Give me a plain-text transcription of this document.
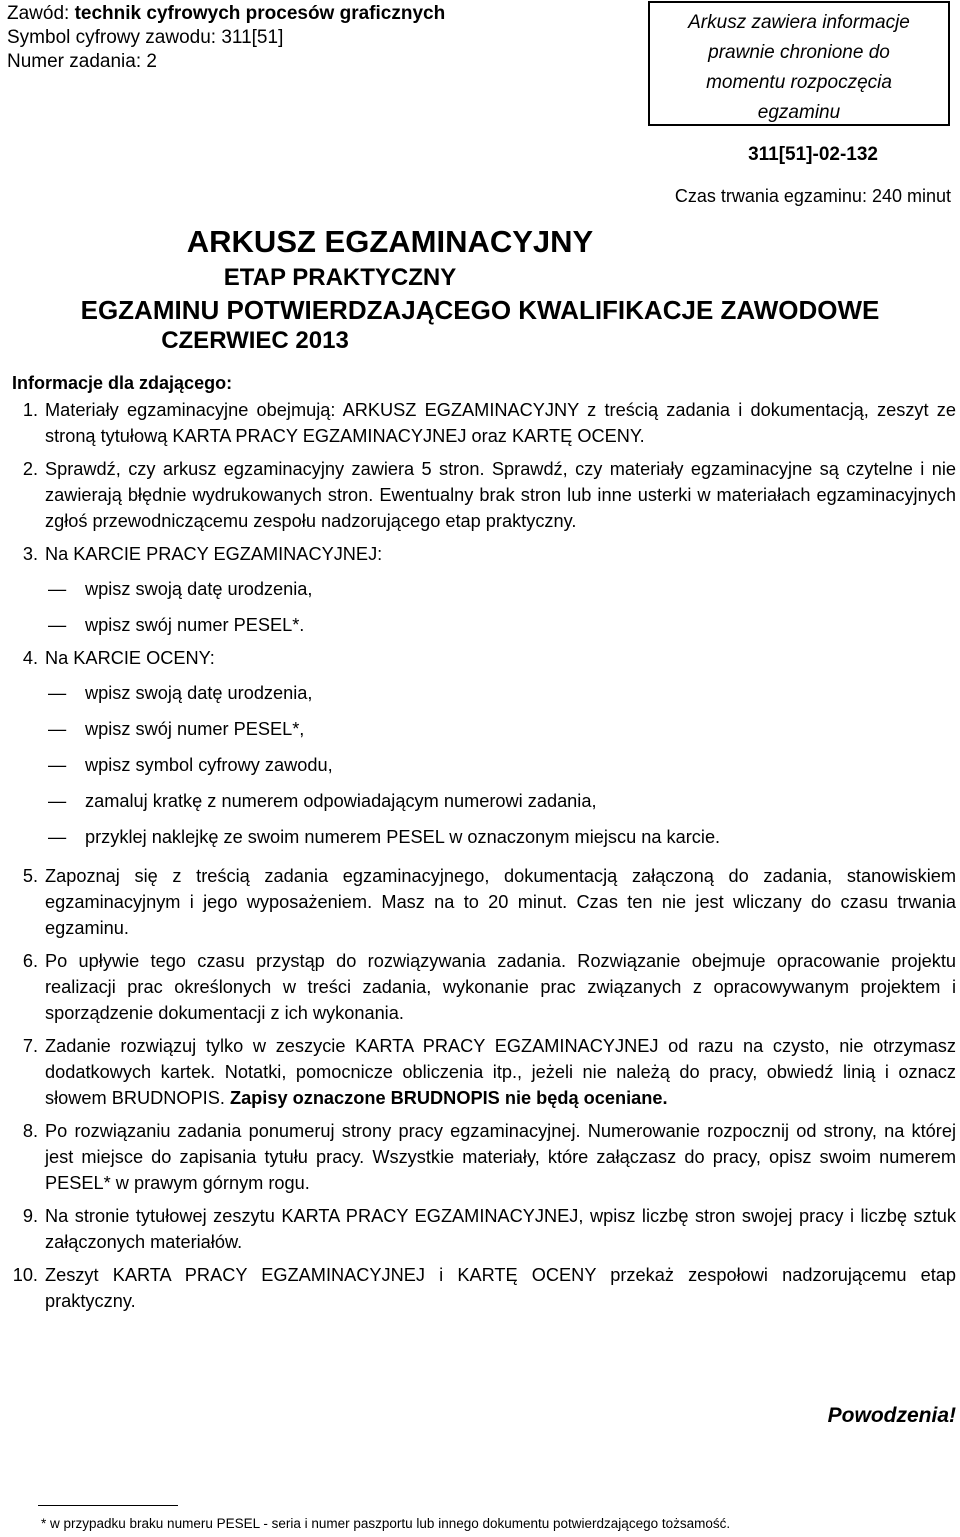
Zawód: technik cyfrowych procesów graficznych
Symbol cyfrowy zawodu: 311[51]
Numer zadania: 2
Arkusz zawiera informacje
prawnie chronione do
momentu rozpoczęcia
egzaminu
311[51]-02-132
Czas trwania egzaminu: 240 minut
ARKUSZ EGZAMINACYJNY
ETAP PRAKTYCZNY
EGZAMINU POTWIERDZAJĄCEGO KWALIFIKACJE ZAWODOWE
CZERWIEC 2013
Informacje dla zdającego:
1. Materiały egzaminacyjne obejmują: ARKUSZ EGZAMINACYJNY z treścią zadania i dokumentacją, zeszyt ze stroną tytułową KARTA PRACY EGZAMINACYJNEJ oraz KARTĘ OCENY.
2. Sprawdź, czy arkusz egzaminacyjny zawiera 5 stron. Sprawdź, czy materiały egzaminacyjne są czytelne i nie zawierają błędnie wydrukowanych stron. Ewentualny brak stron lub inne usterki w materiałach egzaminacyjnych zgłoś przewodniczącemu zespołu nadzorującego etap praktyczny.
3. Na KARCIE PRACY EGZAMINACYJNEJ:
— wpisz swoją datę urodzenia,
— wpisz swój numer PESEL*.
4. Na KARCIE OCENY:
— wpisz swoją datę urodzenia,
— wpisz swój numer PESEL*,
— wpisz symbol cyfrowy zawodu,
— zamaluj kratkę z numerem odpowiadającym numerowi zadania,
— przyklej naklejkę ze swoim numerem PESEL w oznaczonym miejscu na karcie.
5. Zapoznaj się z treścią zadania egzaminacyjnego, dokumentacją załączoną do zadania, stanowiskiem egzaminacyjnym i jego wyposażeniem. Masz na to 20 minut. Czas ten nie jest wliczany do czasu trwania egzaminu.
6. Po upływie tego czasu przystąp do rozwiązywania zadania. Rozwiązanie obejmuje opracowanie projektu realizacji prac określonych w treści zadania, wykonanie prac związanych z opracowywanym projektem i sporządzenie dokumentacji z ich wykonania.
7. Zadanie rozwiązuj tylko w zeszycie KARTA PRACY EGZAMINACYJNEJ od razu na czysto, nie otrzymasz dodatkowych kartek. Notatki, pomocnicze obliczenia itp., jeżeli nie należą do pracy, obwiedź linią i oznacz słowem BRUDNOPIS. Zapisy oznaczone BRUDNOPIS nie będą oceniane.
8. Po rozwiązaniu zadania ponumeruj strony pracy egzaminacyjnej. Numerowanie rozpocznij od strony, na której jest miejsce do zapisania tytułu pracy. Wszystkie materiały, które załączasz do pracy, opisz swoim numerem PESEL* w prawym górnym rogu.
9. Na stronie tytułowej zeszytu KARTA PRACY EGZAMINACYJNEJ, wpisz liczbę stron swojej pracy i liczbę sztuk załączonych materiałów.
10. Zeszyt KARTA PRACY EGZAMINACYJNEJ i KARTĘ OCENY przekaż zespołowi nadzorującemu etap praktyczny.
Powodzenia!
* w przypadku braku numeru PESEL - seria i numer paszportu lub innego dokumentu potwierdzającego tożsamość.
